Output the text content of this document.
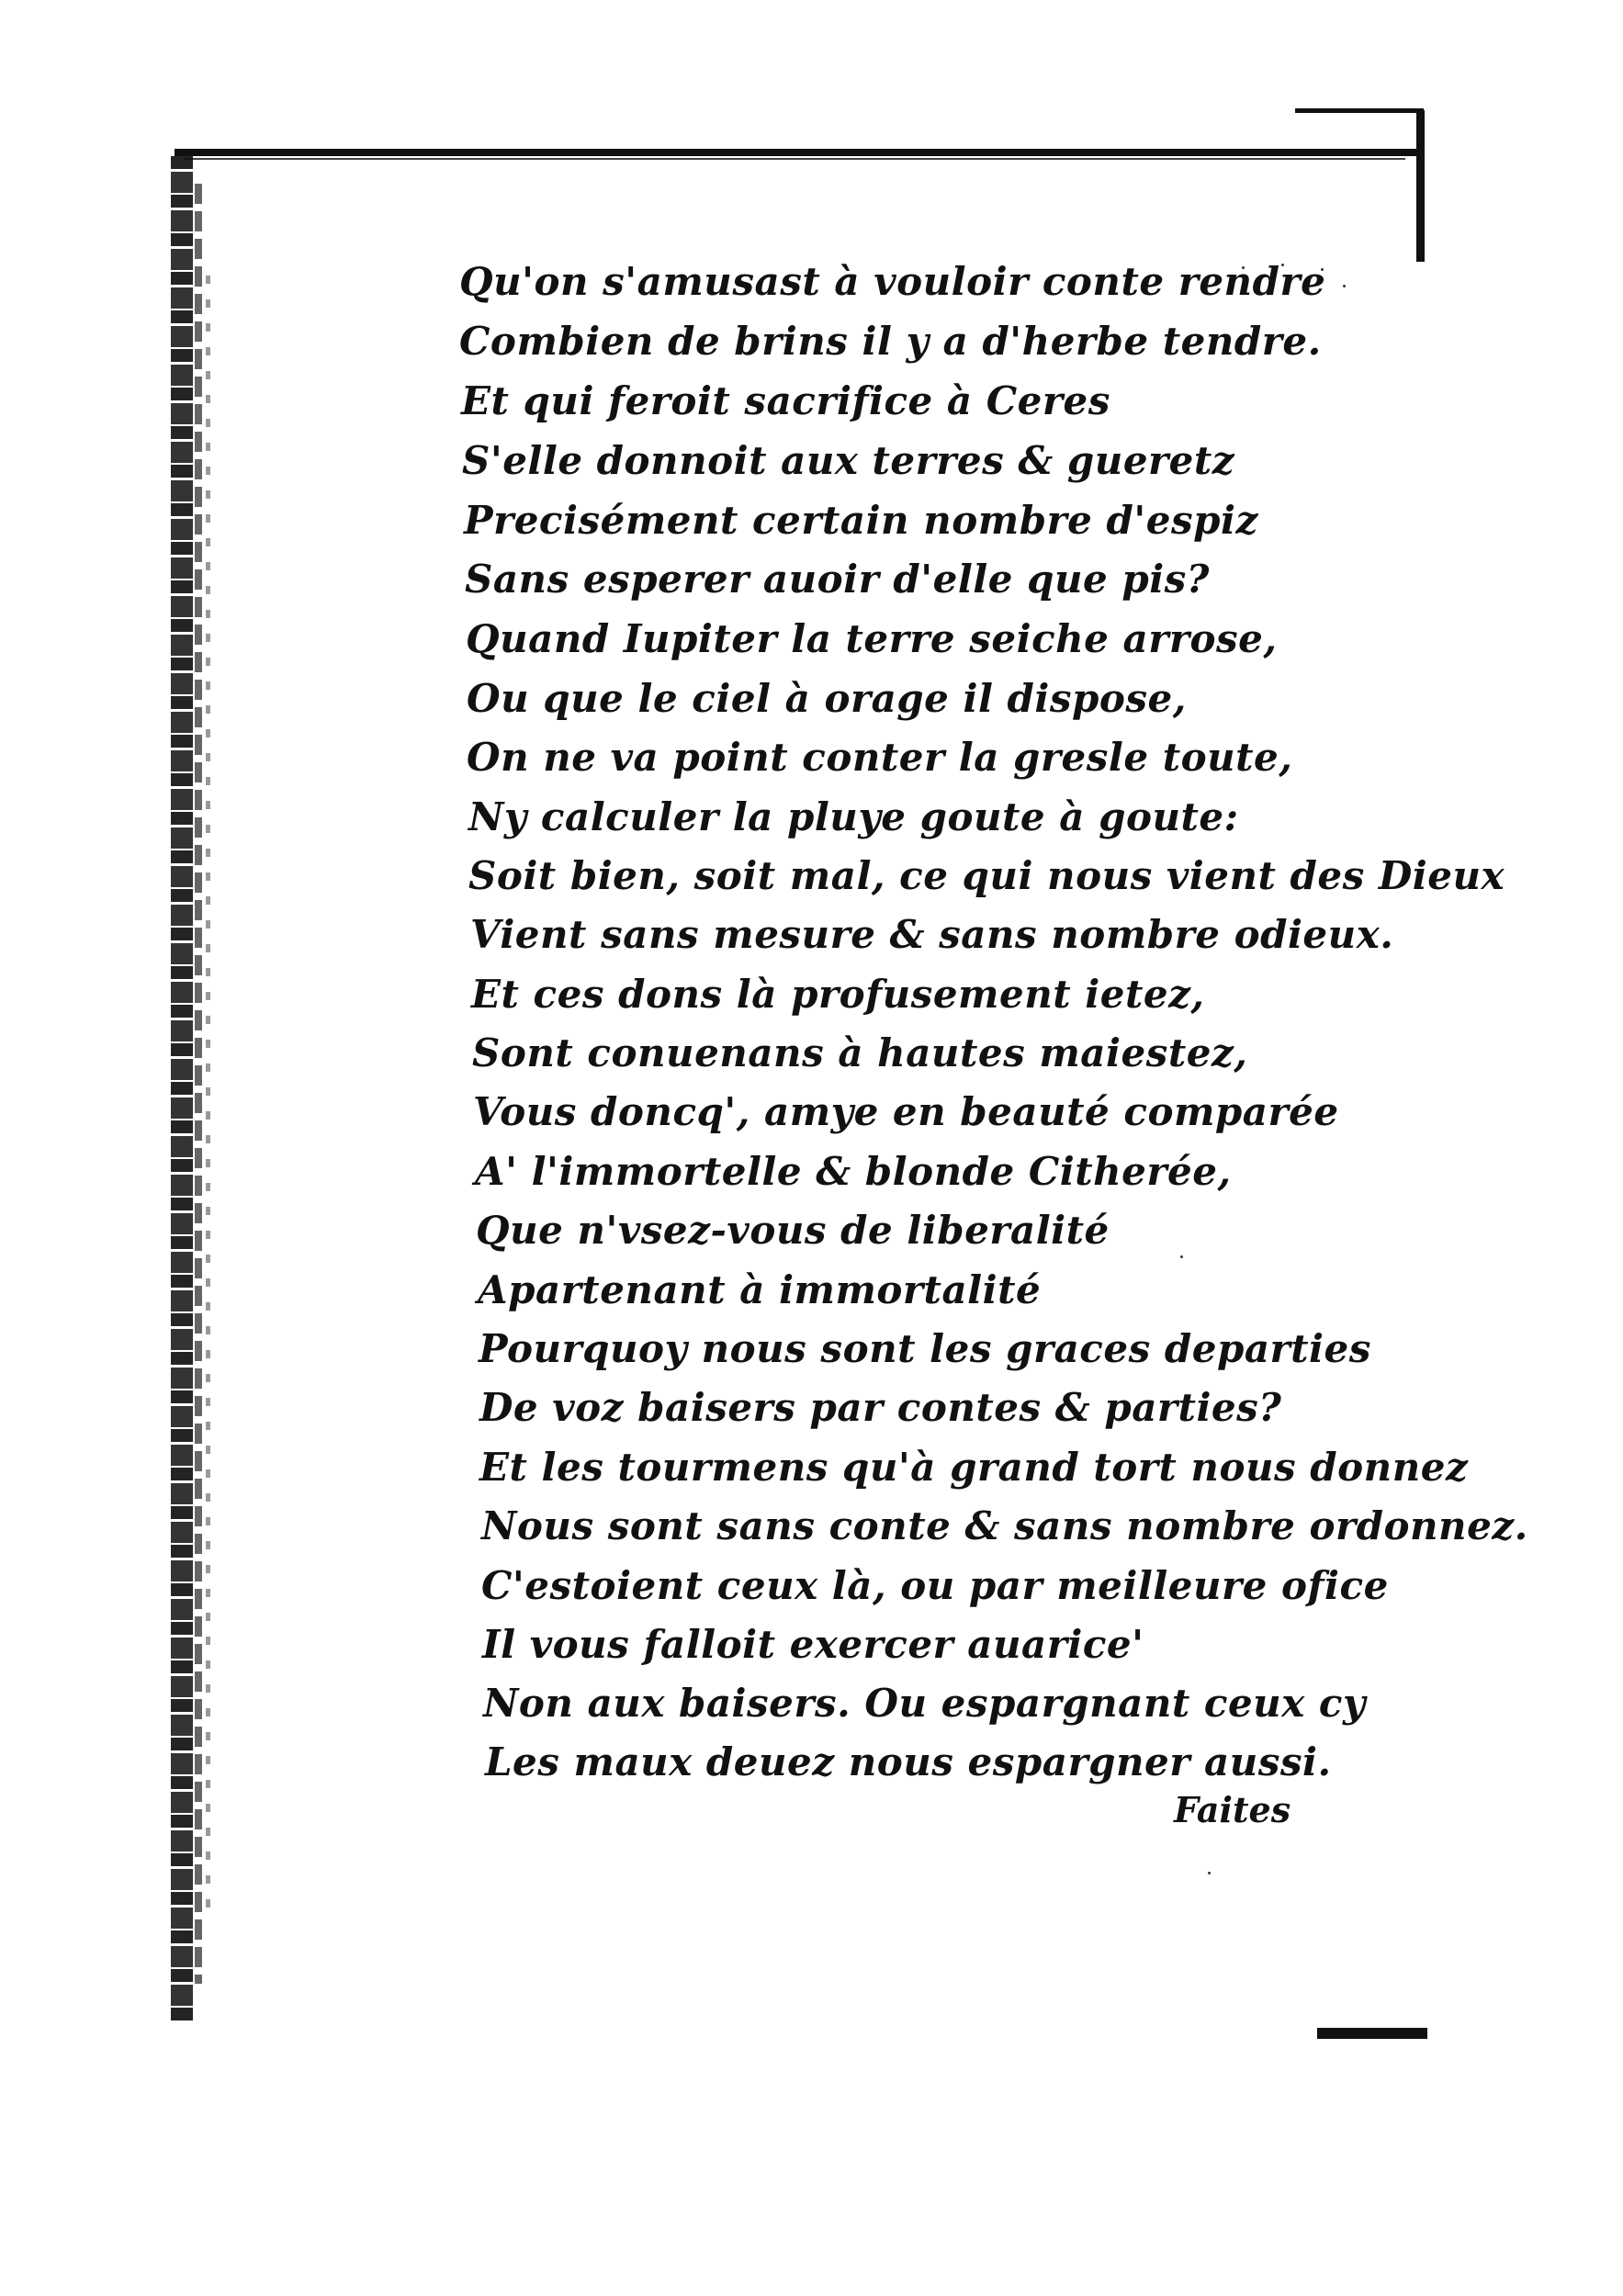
Qu'on s'amusast à vouloir conte rendre
Combien de brins il y a d'herbe tendre.
Et qui feroit sacrifice à Ceres
S'elle donnoit aux terres & gueretz
Precisément certain nombre d'espiz
Sans esperer auoir d'elle que pis?
Quand Iupiter la terre seiche arrose,
Ou que le ciel à orage il dispose,
On ne va point conter la gresle toute,
Ny calculer la pluye goute à goute:
Soit bien, soit mal, ce qui nous vient des Dieux
Vient sans mesure & sans nombre odieux.
Et ces dons là profusement ietez,
Sont conuenans à hautes maiestez,
Vous doncq', amye en beauté comparée
A' l'immortelle & blonde Citherée,
Que n'vsez-vous de liberalité
Apartenant à immortalité
Pourquoy nous sont les graces departies
De voz baisers par contes & parties?
Et les tourmens qu'à grand tort nous donnez
Nous sont sans conte & sans nombre ordonnez.
C'estoient ceux là, ou par meilleure ofice
Il vous falloit exercer auarice'
Non aux baisers. Ou espargnant ceux cy
Les maux deuez nous espargner aussi.
Faites
